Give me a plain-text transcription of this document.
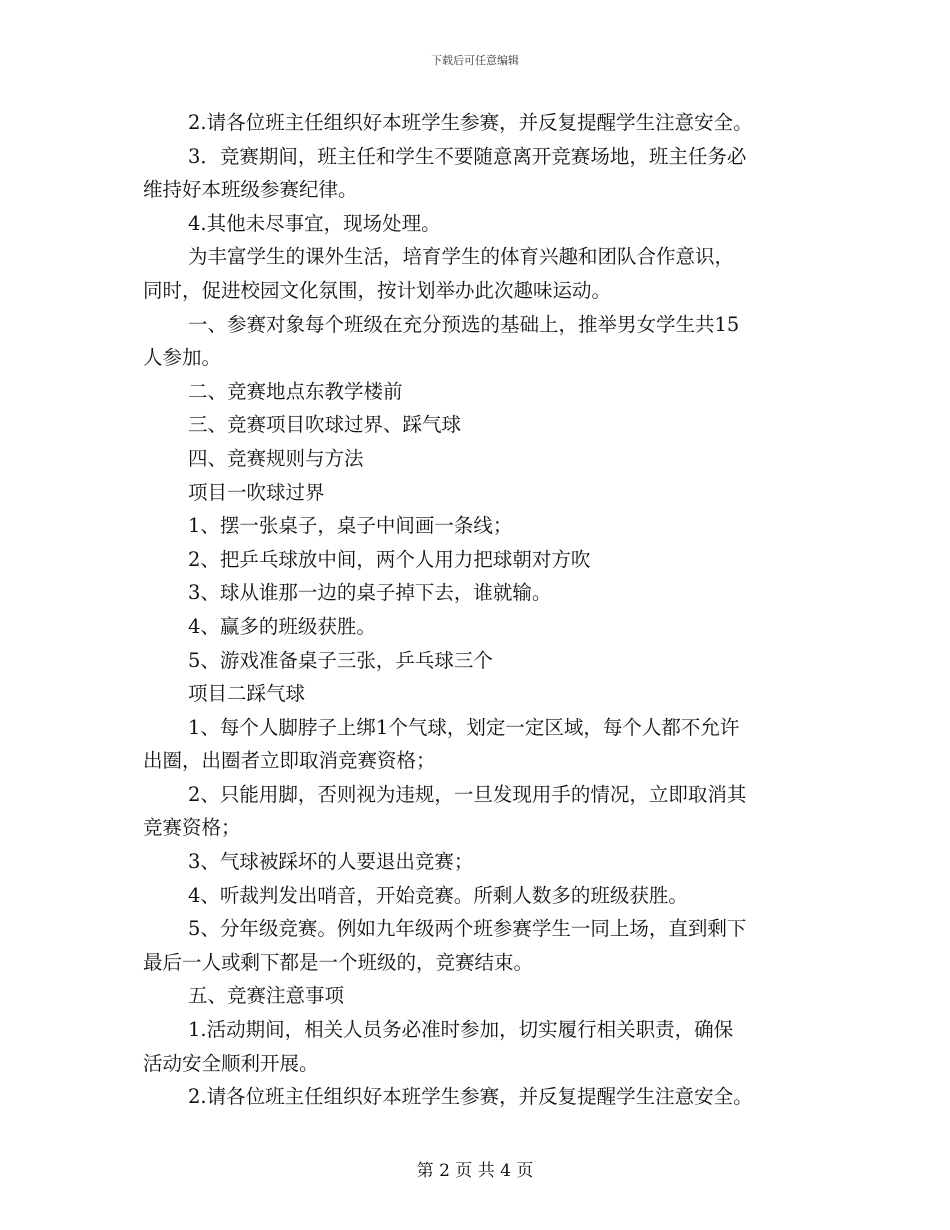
下载后可任意编辑

2.请各位班主任组织好本班学生参赛，并反复提醒学生注意安全。

3．竞赛期间，班主任和学生不要随意离开竞赛场地，班主任务必

维持好本班级参赛纪律。

4.其他未尽事宜，现场处理。

为丰富学生的课外生活，培育学生的体育兴趣和团队合作意识，

同时，促进校园文化氛围，按计划举办此次趣味运动。

一、参赛对象每个班级在充分预选的基础上，推举男女学生共15

人参加。

二、竞赛地点东教学楼前

三、竞赛项目吹球过界、踩气球

四、竞赛规则与方法

项目一吹球过界

1、摆一张桌子，桌子中间画一条线；

2、把乒乓球放中间，两个人用力把球朝对方吹

3、球从谁那一边的桌子掉下去，谁就输。

4、赢多的班级获胜。

5、游戏准备桌子三张，乒乓球三个

项目二踩气球

1、每个人脚脖子上绑1个气球，划定一定区域，每个人都不允许

出圈，出圈者立即取消竞赛资格；

2、只能用脚，否则视为违规，一旦发现用手的情况，立即取消其

竞赛资格；

3、气球被踩坏的人要退出竞赛；

4、听裁判发出哨音，开始竞赛。所剩人数多的班级获胜。

5、分年级竞赛。例如九年级两个班参赛学生一同上场，直到剩下

最后一人或剩下都是一个班级的，竞赛结束。

五、竞赛注意事项

1.活动期间，相关人员务必准时参加，切实履行相关职责，确保

活动安全顺利开展。

2.请各位班主任组织好本班学生参赛，并反复提醒学生注意安全。

第 2 页 共 4 页
